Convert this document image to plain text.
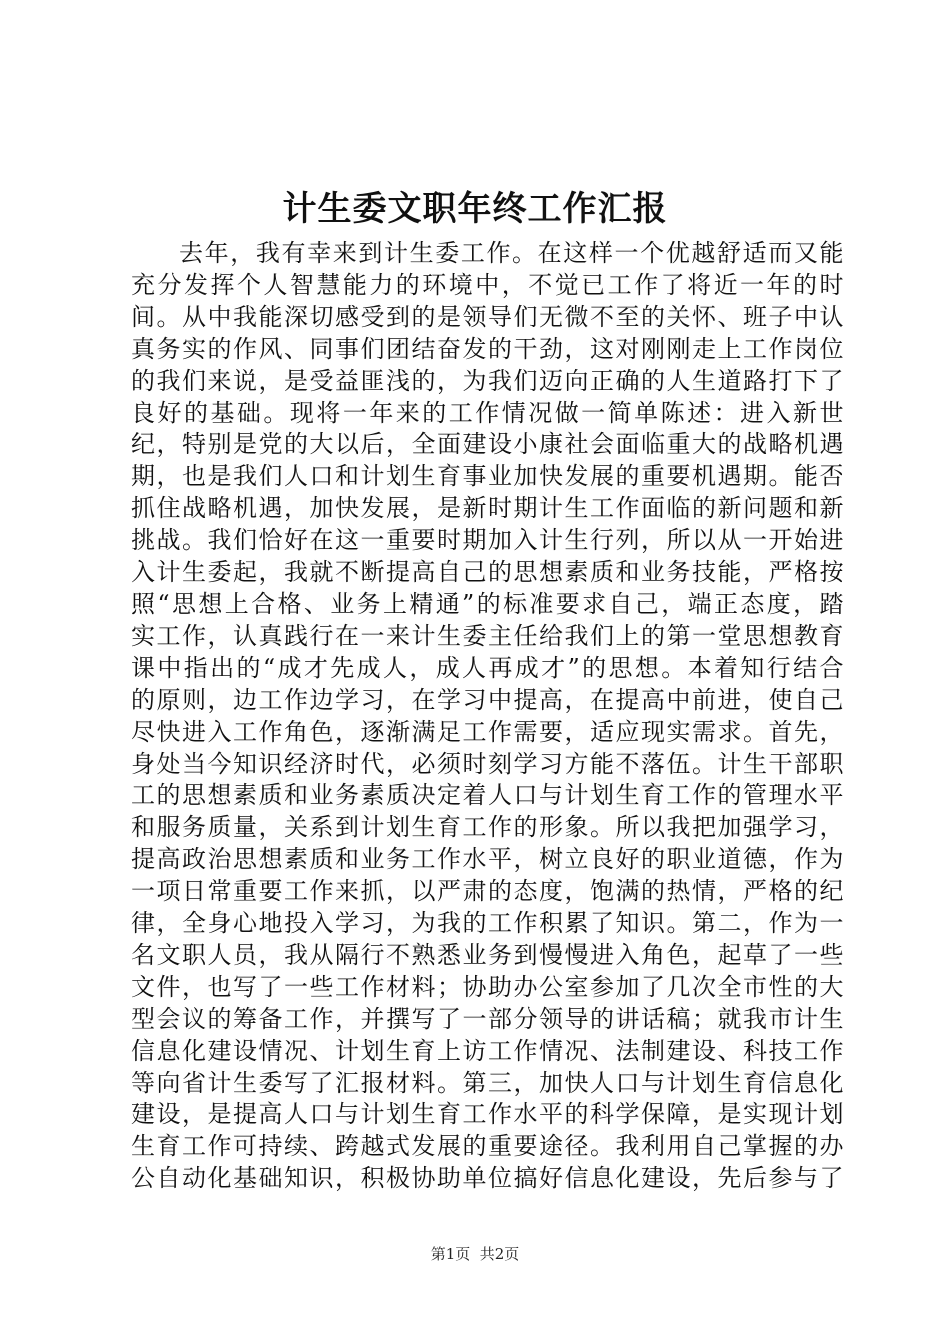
计生委文职年终工作汇报

去年，我有幸来到计生委工作。在这样一个优越舒适而又能充分发挥个人智慧能力的环境中，不觉已工作了将近一年的时间。从中我能深切感受到的是领导们无微不至的关怀、班子中认真务实的作风、同事们团结奋发的干劲，这对刚刚走上工作岗位的我们来说，是受益匪浅的，为我们迈向正确的人生道路打下了良好的基础。现将一年来的工作情况做一简单陈述：进入新世纪，特别是党的大以后，全面建设小康社会面临重大的战略机遇期，也是我们人口和计划生育事业加快发展的重要机遇期。能否抓住战略机遇，加快发展，是新时期计生工作面临的新问题和新挑战。我们恰好在这一重要时期加入计生行列，所以从一开始进入计生委起，我就不断提高自己的思想素质和业务技能，严格按照“思想上合格、业务上精通”的标准要求自己，端正态度，踏实工作，认真践行在一来计生委主任给我们上的第一堂思想教育课中指出的“成才先成人，成人再成才”的思想。本着知行结合的原则，边工作边学习，在学习中提高，在提高中前进，使自己尽快进入工作角色，逐渐满足工作需要，适应现实需求。首先，身处当今知识经济时代，必须时刻学习方能不落伍。计生干部职工的思想素质和业务素质决定着人口与计划生育工作的管理水平和服务质量，关系到计划生育工作的形象。所以我把加强学习，提高政治思想素质和业务工作水平，树立良好的职业道德，作为一项日常重要工作来抓，以严肃的态度，饱满的热情，严格的纪律，全身心地投入学习，为我的工作积累了知识。第二，作为一名文职人员，我从隔行不熟悉业务到慢慢进入角色，起草了一些文件，也写了一些工作材料；协助办公室参加了几次全市性的大型会议的筹备工作，并撰写了一部分领导的讲话稿；就我市计生信息化建设情况、计划生育上访工作情况、法制建设、科技工作等向省计生委写了汇报材料。第三，加快人口与计划生育信息化建设，是提高人口与计划生育工作水平的科学保障，是实现计划生育工作可持续、跨越式发展的重要途径。我利用自己掌握的办公自动化基础知识，积极协助单位搞好信息化建设，先后参与了

第1页  共2页
